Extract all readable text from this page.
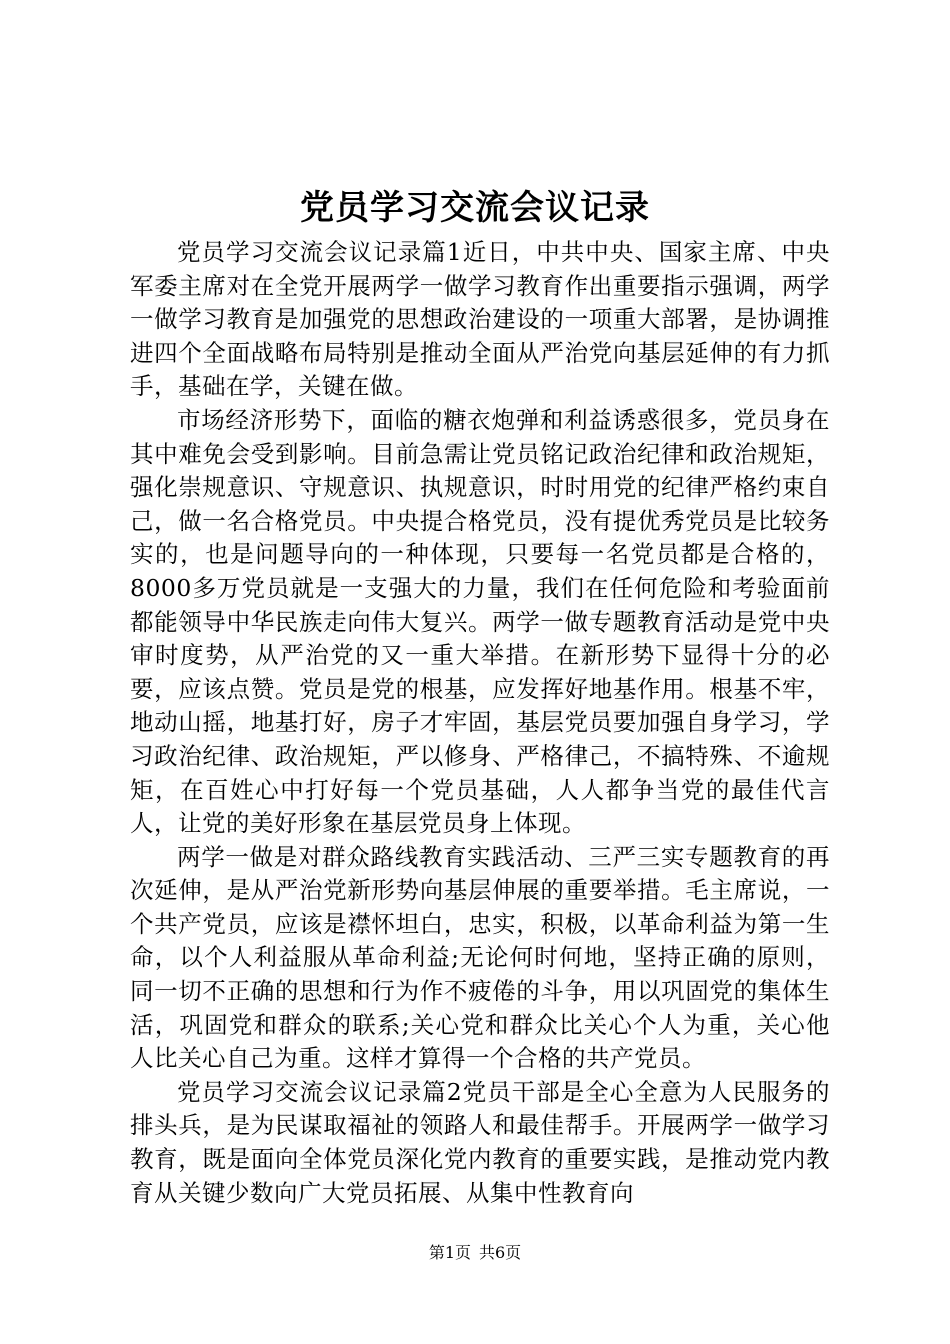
党员学习交流会议记录

党员学习交流会议记录篇1近日，中共中央、国家主席、中央军委主席对在全党开展两学一做学习教育作出重要指示强调，两学一做学习教育是加强党的思想政治建设的一项重大部署，是协调推进四个全面战略布局特别是推动全面从严治党向基层延伸的有力抓手，基础在学，关键在做。

市场经济形势下，面临的糖衣炮弹和利益诱惑很多，党员身在其中难免会受到影响。目前急需让党员铭记政治纪律和政治规矩，强化崇规意识、守规意识、执规意识，时时用党的纪律严格约束自己，做一名合格党员。中央提合格党员，没有提优秀党员是比较务实的，也是问题导向的一种体现，只要每一名党员都是合格的，8000多万党员就是一支强大的力量，我们在任何危险和考验面前都能领导中华民族走向伟大复兴。两学一做专题教育活动是党中央审时度势，从严治党的又一重大举措。在新形势下显得十分的必要，应该点赞。党员是党的根基，应发挥好地基作用。根基不牢，地动山摇，地基打好，房子才牢固，基层党员要加强自身学习，学习政治纪律、政治规矩，严以修身、严格律己，不搞特殊、不逾规矩，在百姓心中打好每一个党员基础，人人都争当党的最佳代言人，让党的美好形象在基层党员身上体现。

两学一做是对群众路线教育实践活动、三严三实专题教育的再次延伸，是从严治党新形势向基层伸展的重要举措。毛主席说，一个共产党员，应该是襟怀坦白，忠实，积极，以革命利益为第一生命，以个人利益服从革命利益;无论何时何地，坚持正确的原则，同一切不正确的思想和行为作不疲倦的斗争，用以巩固党的集体生活，巩固党和群众的联系;关心党和群众比关心个人为重，关心他人比关心自己为重。这样才算得一个合格的共产党员。

党员学习交流会议记录篇2党员干部是全心全意为人民服务的排头兵，是为民谋取福祉的领路人和最佳帮手。开展两学一做学习教育，既是面向全体党员深化党内教育的重要实践，是推动党内教育从关键少数向广大党员拓展、从集中性教育向

第1页 共6页
